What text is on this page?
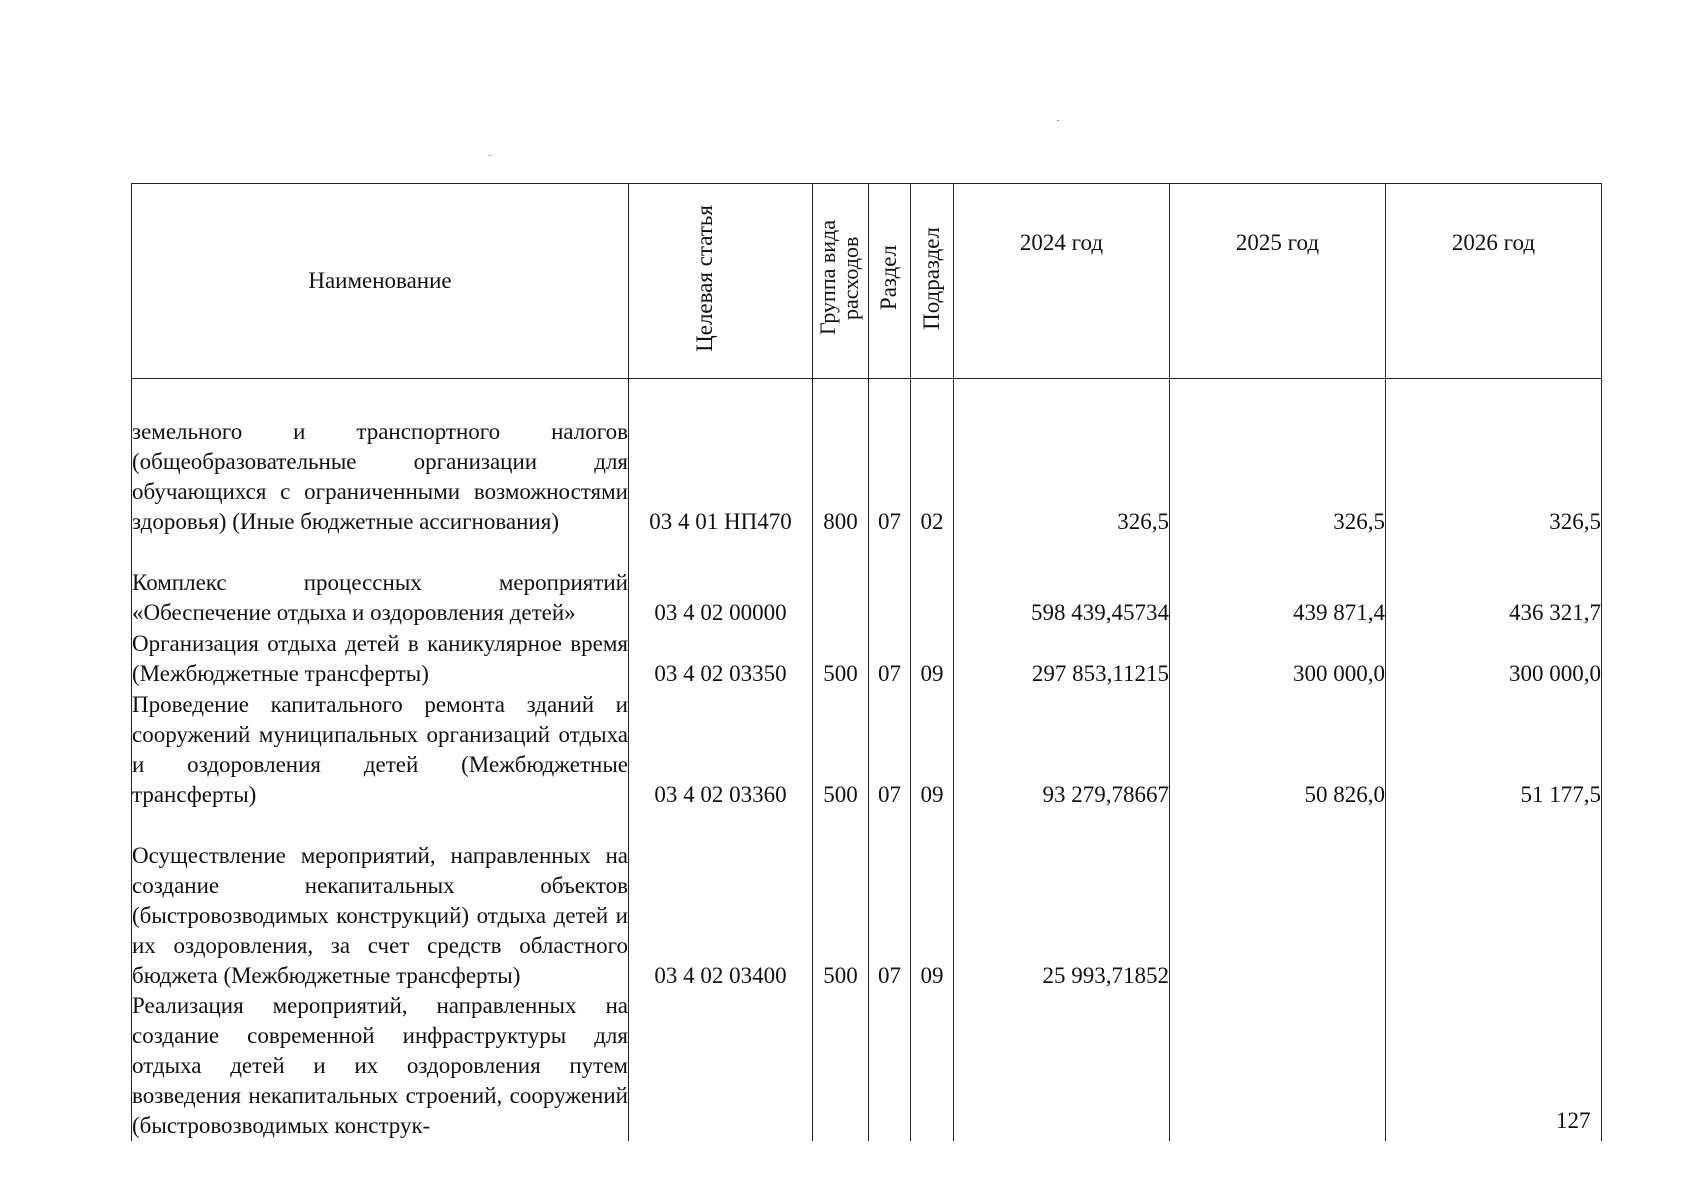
Наименование	Целевая статья	Группа вида расходов	Раздел	Подраздел	2024 год	2025 год	2026 год
земельного и транспортного налогов (общеобразовательные организации для обучающихся с ограниченными возможностями здоровья) (Иные бюджетные ассигнования)	03 4 01 НП470	800	07	02	326,5	326,5	326,5
Комплекс процессных мероприятий «Обеспечение отдыха и оздоровления детей»	03 4 02 00000				598 439,45734	439 871,4	436 321,7
Организация отдыха детей в каникулярное время (Межбюджетные трансферты)	03 4 02 03350	500	07	09	297 853,11215	300 000,0	300 000,0
Проведение капитального ремонта зданий и сооружений муниципальных организаций отдыха и оздоровления детей (Межбюджетные трансферты)	03 4 02 03360	500	07	09	93 279,78667	50 826,0	51 177,5
Осуществление мероприятий, направленных на создание некапитальных объектов (быстровозводимых конструкций) отдыха детей и их оздоровления, за счет средств областного бюджета (Межбюджетные трансферты)	03 4 02 03400	500	07	09	25 993,71852		
Реализация мероприятий, направленных на создание современной инфраструктуры для отдыха детей и их оздоровления путем возведения некапитальных строений, сооружений (быстровозводимых конструк-								127
